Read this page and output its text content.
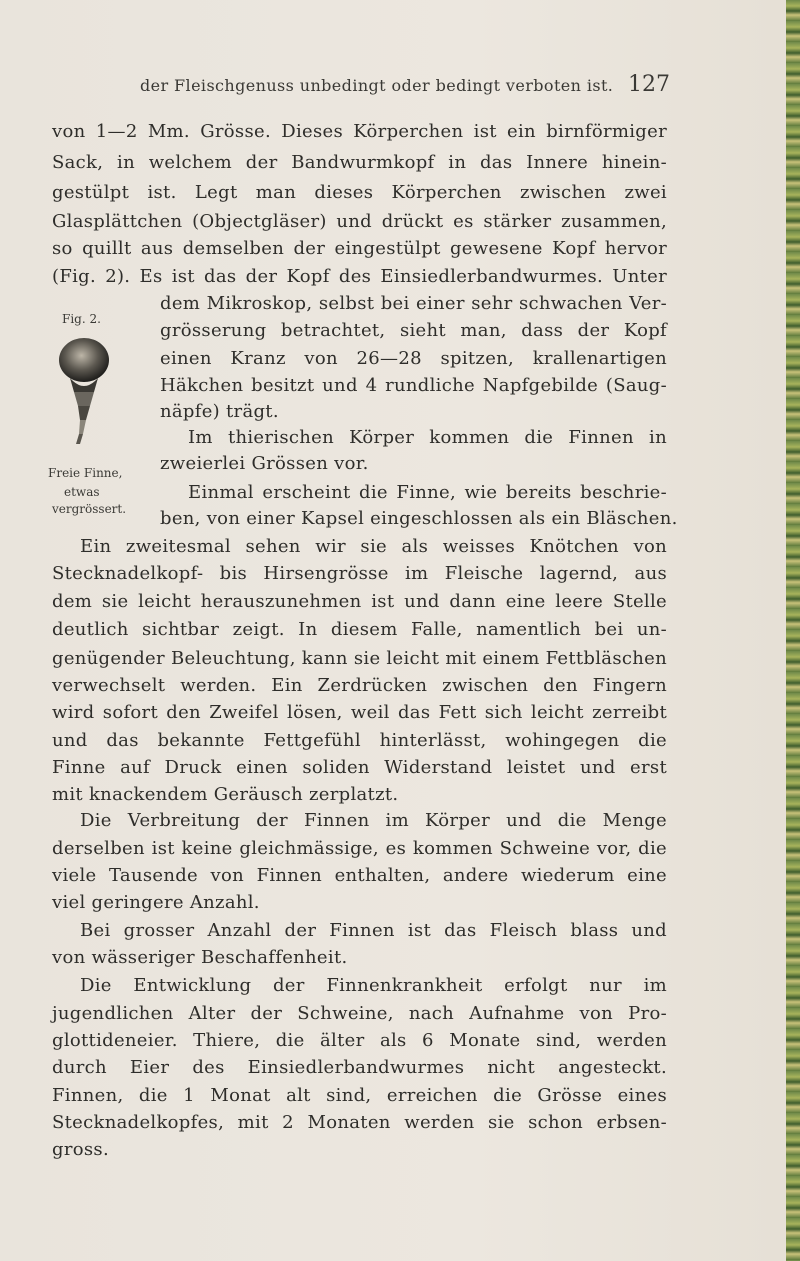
der Fleischgenuss unbedingt oder bedingt verboten ist. 127
von 1—2 Mm. Grösse. Dieses Körperchen ist ein birnförmiger
Sack, in welchem der Bandwurmkopf in das Innere hinein-
gestülpt ist. Legt man dieses Körperchen zwischen zwei
Glasplättchen (Objectgläser) und drückt es stärker zusammen,
so quillt aus demselben der eingestülpt gewesene Kopf hervor
(Fig. 2). Es ist das der Kopf des Einsiedlerbandwurmes. Unter
Fig. 2.
Freie Finne,
etwas
vergrössert.
dem Mikroskop, selbst bei einer sehr schwachen Ver-
grösserung betrachtet, sieht man, dass der Kopf
einen Kranz von 26—28 spitzen, krallenartigen
Häkchen besitzt und 4 rundliche Napfgebilde (Saug-
näpfe) trägt.
Im thierischen Körper kommen die Finnen in
zweierlei Grössen vor.
Einmal erscheint die Finne, wie bereits beschrie-
ben, von einer Kapsel eingeschlossen als ein Bläschen.
Ein zweitesmal sehen wir sie als weisses Knötchen von
Stecknadelkopf- bis Hirsengrösse im Fleische lagernd, aus
dem sie leicht herauszunehmen ist und dann eine leere Stelle
deutlich sichtbar zeigt. In diesem Falle, namentlich bei un-
genügender Beleuchtung, kann sie leicht mit einem Fettbläschen
verwechselt werden. Ein Zerdrücken zwischen den Fingern
wird sofort den Zweifel lösen, weil das Fett sich leicht zerreibt
und das bekannte Fettgefühl hinterlässt, wohingegen die
Finne auf Druck einen soliden Widerstand leistet und erst
mit knackendem Geräusch zerplatzt.
Die Verbreitung der Finnen im Körper und die Menge
derselben ist keine gleichmässige, es kommen Schweine vor, die
viele Tausende von Finnen enthalten, andere wiederum eine
viel geringere Anzahl.
Bei grosser Anzahl der Finnen ist das Fleisch blass und
von wässeriger Beschaffenheit.
Die Entwicklung der Finnenkrankheit erfolgt nur im
jugendlichen Alter der Schweine, nach Aufnahme von Pro-
glottideneier. Thiere, die älter als 6 Monate sind, werden
durch Eier des Einsiedlerbandwurmes nicht angesteckt.
Finnen, die 1 Monat alt sind, erreichen die Grösse eines
Stecknadelkopfes, mit 2 Monaten werden sie schon erbsen-
gross.
